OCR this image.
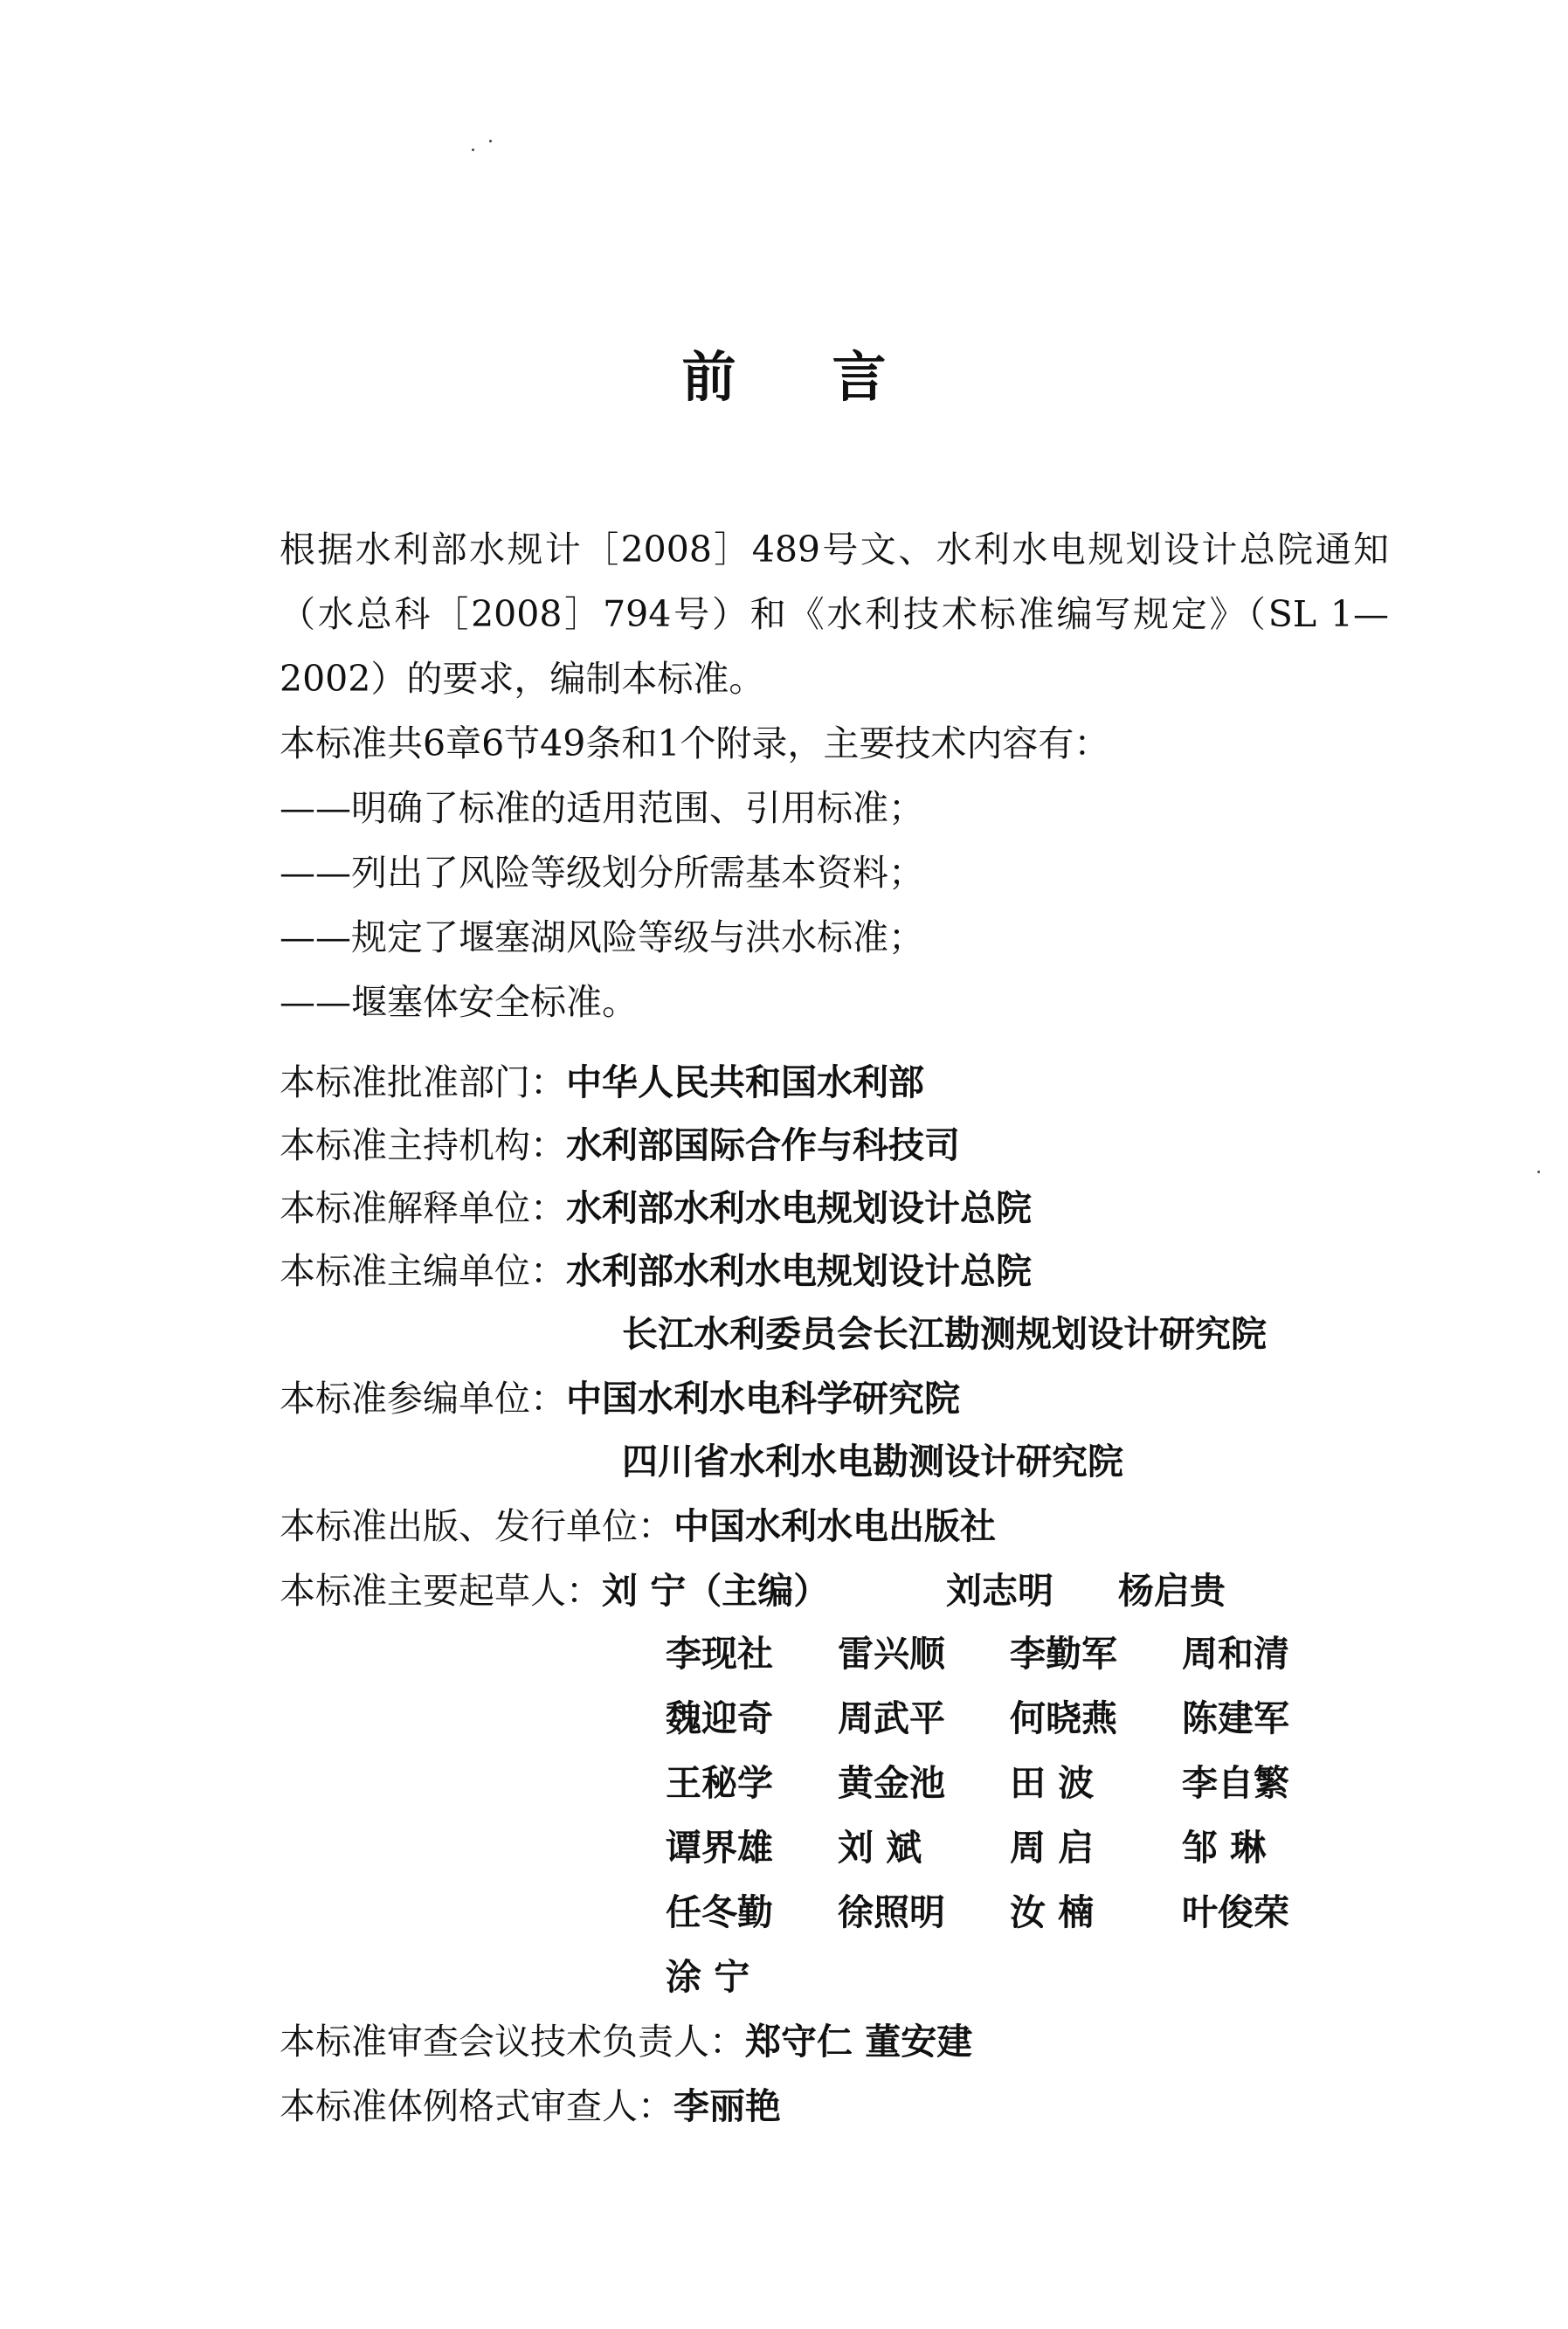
前言
根据水利部水规计［2008］489号文、水利水电规划设计总院通知（水总科［2008］794号）和《水利技术标准编写规定》（SL 1—2002）的要求，编制本标准。
本标准共6章6节49条和1个附录，主要技术内容有：
——明确了标准的适用范围、引用标准；
——列出了风险等级划分所需基本资料；
——规定了堰塞湖风险等级与洪水标准；
——堰塞体安全标准。
本标准批准部门：中华人民共和国水利部
本标准主持机构：水利部国际合作与科技司
本标准解释单位：水利部水利水电规划设计总院
本标准主编单位：水利部水利水电规划设计总院
长江水利委员会长江勘测规划设计研究院
本标准参编单位：中国水利水电科学研究院
四川省水利水电勘测设计研究院
本标准出版、发行单位：中国水利水电出版社
本标准主要起草人：刘 宁（主编）	刘志明 杨启贵
李现社 雷兴顺 李勤军 周和清
魏迎奇 周武平 何晓燕 陈建军
王秘学 黄金池 田 波 李自繁
谭界雄 刘 斌 周 启 邹 琳
任冬勤 徐照明 汝 楠 叶俊荣
涂 宁
本标准审查会议技术负责人：郑守仁 董安建
本标准体例格式审查人：李丽艳
